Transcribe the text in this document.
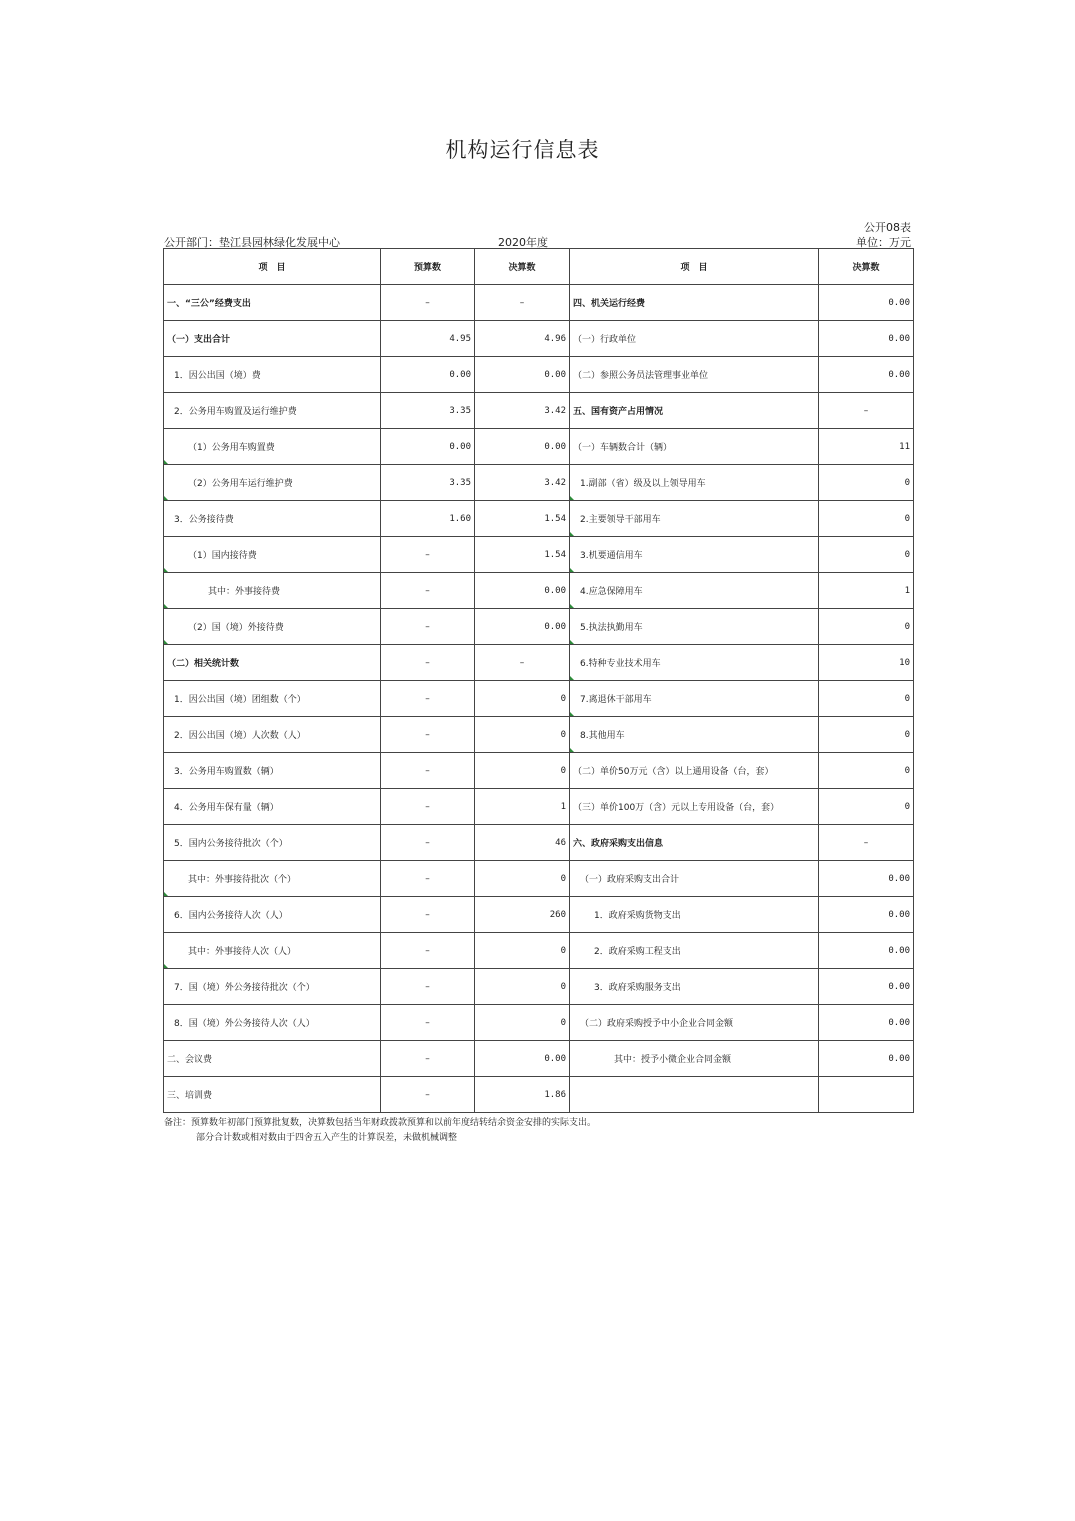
机构运行信息表
公开08表
公开部门：垫江县园林绿化发展中心	2020年度	单位：万元
项　目	预算数	决算数	项　目	决算数
一、“三公”经费支出	–	–	四、机关运行经费	0.00
（一）支出合计	4.95	4.96	（一）行政单位	0.00
1．因公出国（境）费	0.00	0.00	（二）参照公务员法管理事业单位	0.00
2．公务用车购置及运行维护费	3.35	3.42	五、国有资产占用情况	–
（1）公务用车购置费	0.00	0.00	（一）车辆数合计（辆）	11
（2）公务用车运行维护费	3.35	3.42	1.副部（省）级及以上领导用车	0
3．公务接待费	1.60	1.54	2.主要领导干部用车	0
（1）国内接待费	–	1.54	3.机要通信用车	0
其中：外事接待费	–	0.00	4.应急保障用车	1
（2）国（境）外接待费	–	0.00	5.执法执勤用车	0
（二）相关统计数	–	–	6.特种专业技术用车	10
1．因公出国（境）团组数（个）	–	0	7.离退休干部用车	0
2．因公出国（境）人次数（人）	–	0	8.其他用车	0
3．公务用车购置数（辆）	–	0	（二）单价50万元（含）以上通用设备（台，套）	0
4．公务用车保有量（辆）	–	1	（三）单价100万（含）元以上专用设备（台，套）	0
5．国内公务接待批次（个）	–	46	六、政府采购支出信息	–
其中：外事接待批次（个）	–	0	（一）政府采购支出合计	0.00
6．国内公务接待人次（人）	–	260	1．政府采购货物支出	0.00
其中：外事接待人次（人）	–	0	2．政府采购工程支出	0.00
7．国（境）外公务接待批次（个）	–	0	3．政府采购服务支出	0.00
8．国（境）外公务接待人次（人）	–	0	（二）政府采购授予中小企业合同金额	0.00
二、会议费	–	0.00	其中：授予小微企业合同金额	0.00
三、培训费	–	1.86		
备注：预算数年初部门预算批复数，决算数包括当年财政拨款预算和以前年度结转结余资金安排的实际支出。
部分合计数或相对数由于四舍五入产生的计算误差，未做机械调整
